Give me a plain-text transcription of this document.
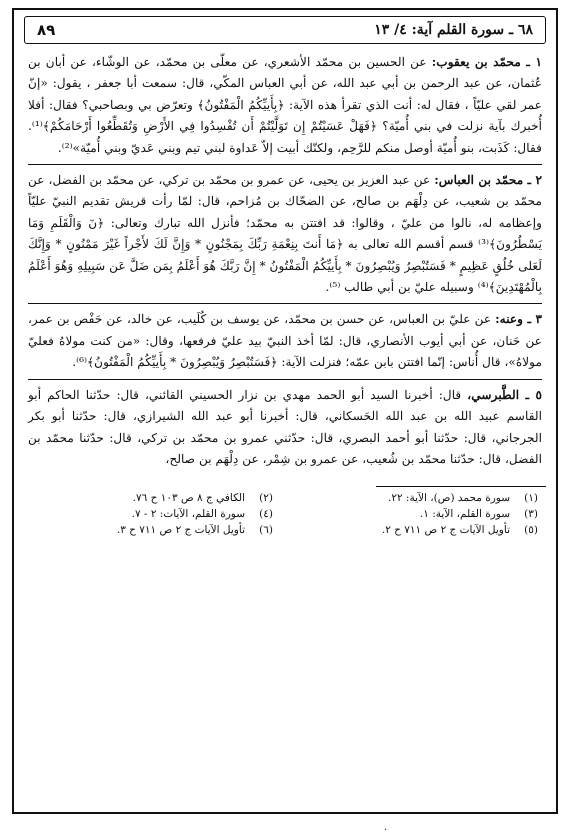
٨٩	٦٨ ـ سورة القلم آية: ٤/ ١٣

١ ـ محمّد بن يعقوب: عن الحسين بن محمّد الأشعري، عن معلّى بن محمّد، عن الوشّاء، عن أبان بن عُثمان، عن عبد الرحمن بن أبي عبد الله، عن أبي العباس المكّي، قال: سمعت أبا جعفر ، يقول: «إنّ عمر لقي عليّاً ، فقال له: أنت الذي تقرأ هذه الآية: ﴿بِأَييِّكُمُ الْمَفْتُونُ﴾ وتعرّض بي وبصاحبي؟ فقال: أفلا أُخبرك بآية نزلت في بني أُميّة؟ ﴿فَهَلْ عَسَيْتُمْ إِن تَوَلَّيْتُمْ أَن تُفْسِدُوا فِي الأَرْضِ وَتُقَطِّعُوا أَرْحَامَكُمْ﴾⁽¹⁾. فقال: كَذَبت، بنو أُميّة أوصل منكم للرَّحِم، ولكنّك أبيت إلاّ عَداوة لبني تيم وبني عَديّ وبني أُميّة»⁽²⁾.

٢ ـ محمّد بن العباس: عن عبد العزيز بن يحيى، عن عمرو بن محمّد بن تركي، عن محمّد بن الفضل، عن محمّد بن شعيب، عن دِلْهَم بن صالح، عن الضحّاك بن مُزاحم، قال: لمّا رأت قريش تقديم النبيّ عليّاً وإعظامه له، نالوا من عليّ ، وقالوا: قد افتتن به محمّد؛ فأنزل الله تبارك وتعالى: ﴿نٓ وَالْقَلَمِ وَمَا يَسْطُرُونَ﴾⁽³⁾ قسم أقسم الله تعالى به ﴿مَا أَنتَ بِنِعْمَةِ رَبِّكَ بِمَجْنُونٍ * وَإِنَّ لَكَ لأَجْراً غَيْرَ مَمْنُونٍ * وَإِنَّكَ لَعَلى خُلُقٍ عَظِيمٍ * فَسَتُبْصِرُ وَيُبْصِرُونَ * بِأَييِّكُمُ الْمَفْتُونُ * إِنَّ رَبَّكَ هُوَ أَعْلَمُ بِمَن ضَلَّ عَن سَبِيلِهِ وَهُوَ أَعْلَمُ بِالْمُهْتَدِينَ﴾⁽⁴⁾ وسبيله عليّ بن أبي طالب ⁽⁵⁾.

٣ ـ وعنه: عن عليّ بن العباس، عن حسن بن محمّد، عن يوسف بن كُلَيب، عن خالد، عن حَفْص بن عمر، عن حَنان، عن أبي أيوب الأنصاري، قال: لمّا أخذ النبيّ بيد عليّ فرفعها، وقال: «من كنت مولاهُ فعليّ مولاهُ»، قال أُناس: إنّما افتتن بابن عمّه؛ فنزلت الآية: ﴿فَسَتُبْصِرُ وَيُبْصِرُونَ * بِأَييِّكُمُ الْمَفْتُونُ﴾⁽⁶⁾.

٥ ـ الطَّبرسي، قال: أخبرنا السيد أبو الحمد مهدي بن نزار الحسيني القائني، قال: حدّثنا الحاكم أبو القاسم عبيد الله بن عبد الله الحَسكاني، قال: أخبرنا أبو عبد الله الشيرازي، قال: حدّثنا أبو بكر الجرجاني، قال: حدّثنا أبو أحمد البصري، قال: حدّثني عمرو بن محمّد بن تركي، قال: حدّثنا محمّد بن الفضل، قال: حدّثنا محمّد بن شُعيب، عن عمرو بن شِمْر، عن دِلْهَم بن صالح،

(١)
سورة محمد (ص)، الآية: ٢٢.
(٢)
الكافي ج ٨ ص ١٠٣ ح ٧٦.
(٣)
سورة القلم، الآية: ١.
(٤)
سورة القلم، الآيات: ٢ - ٧.
(٥)
تأويل الآيات ج ٢ ص ٧١١ ح ٢.
(٦)
تأويل الآيات ج ٢ ص ٧١١ ح ٣.
.
